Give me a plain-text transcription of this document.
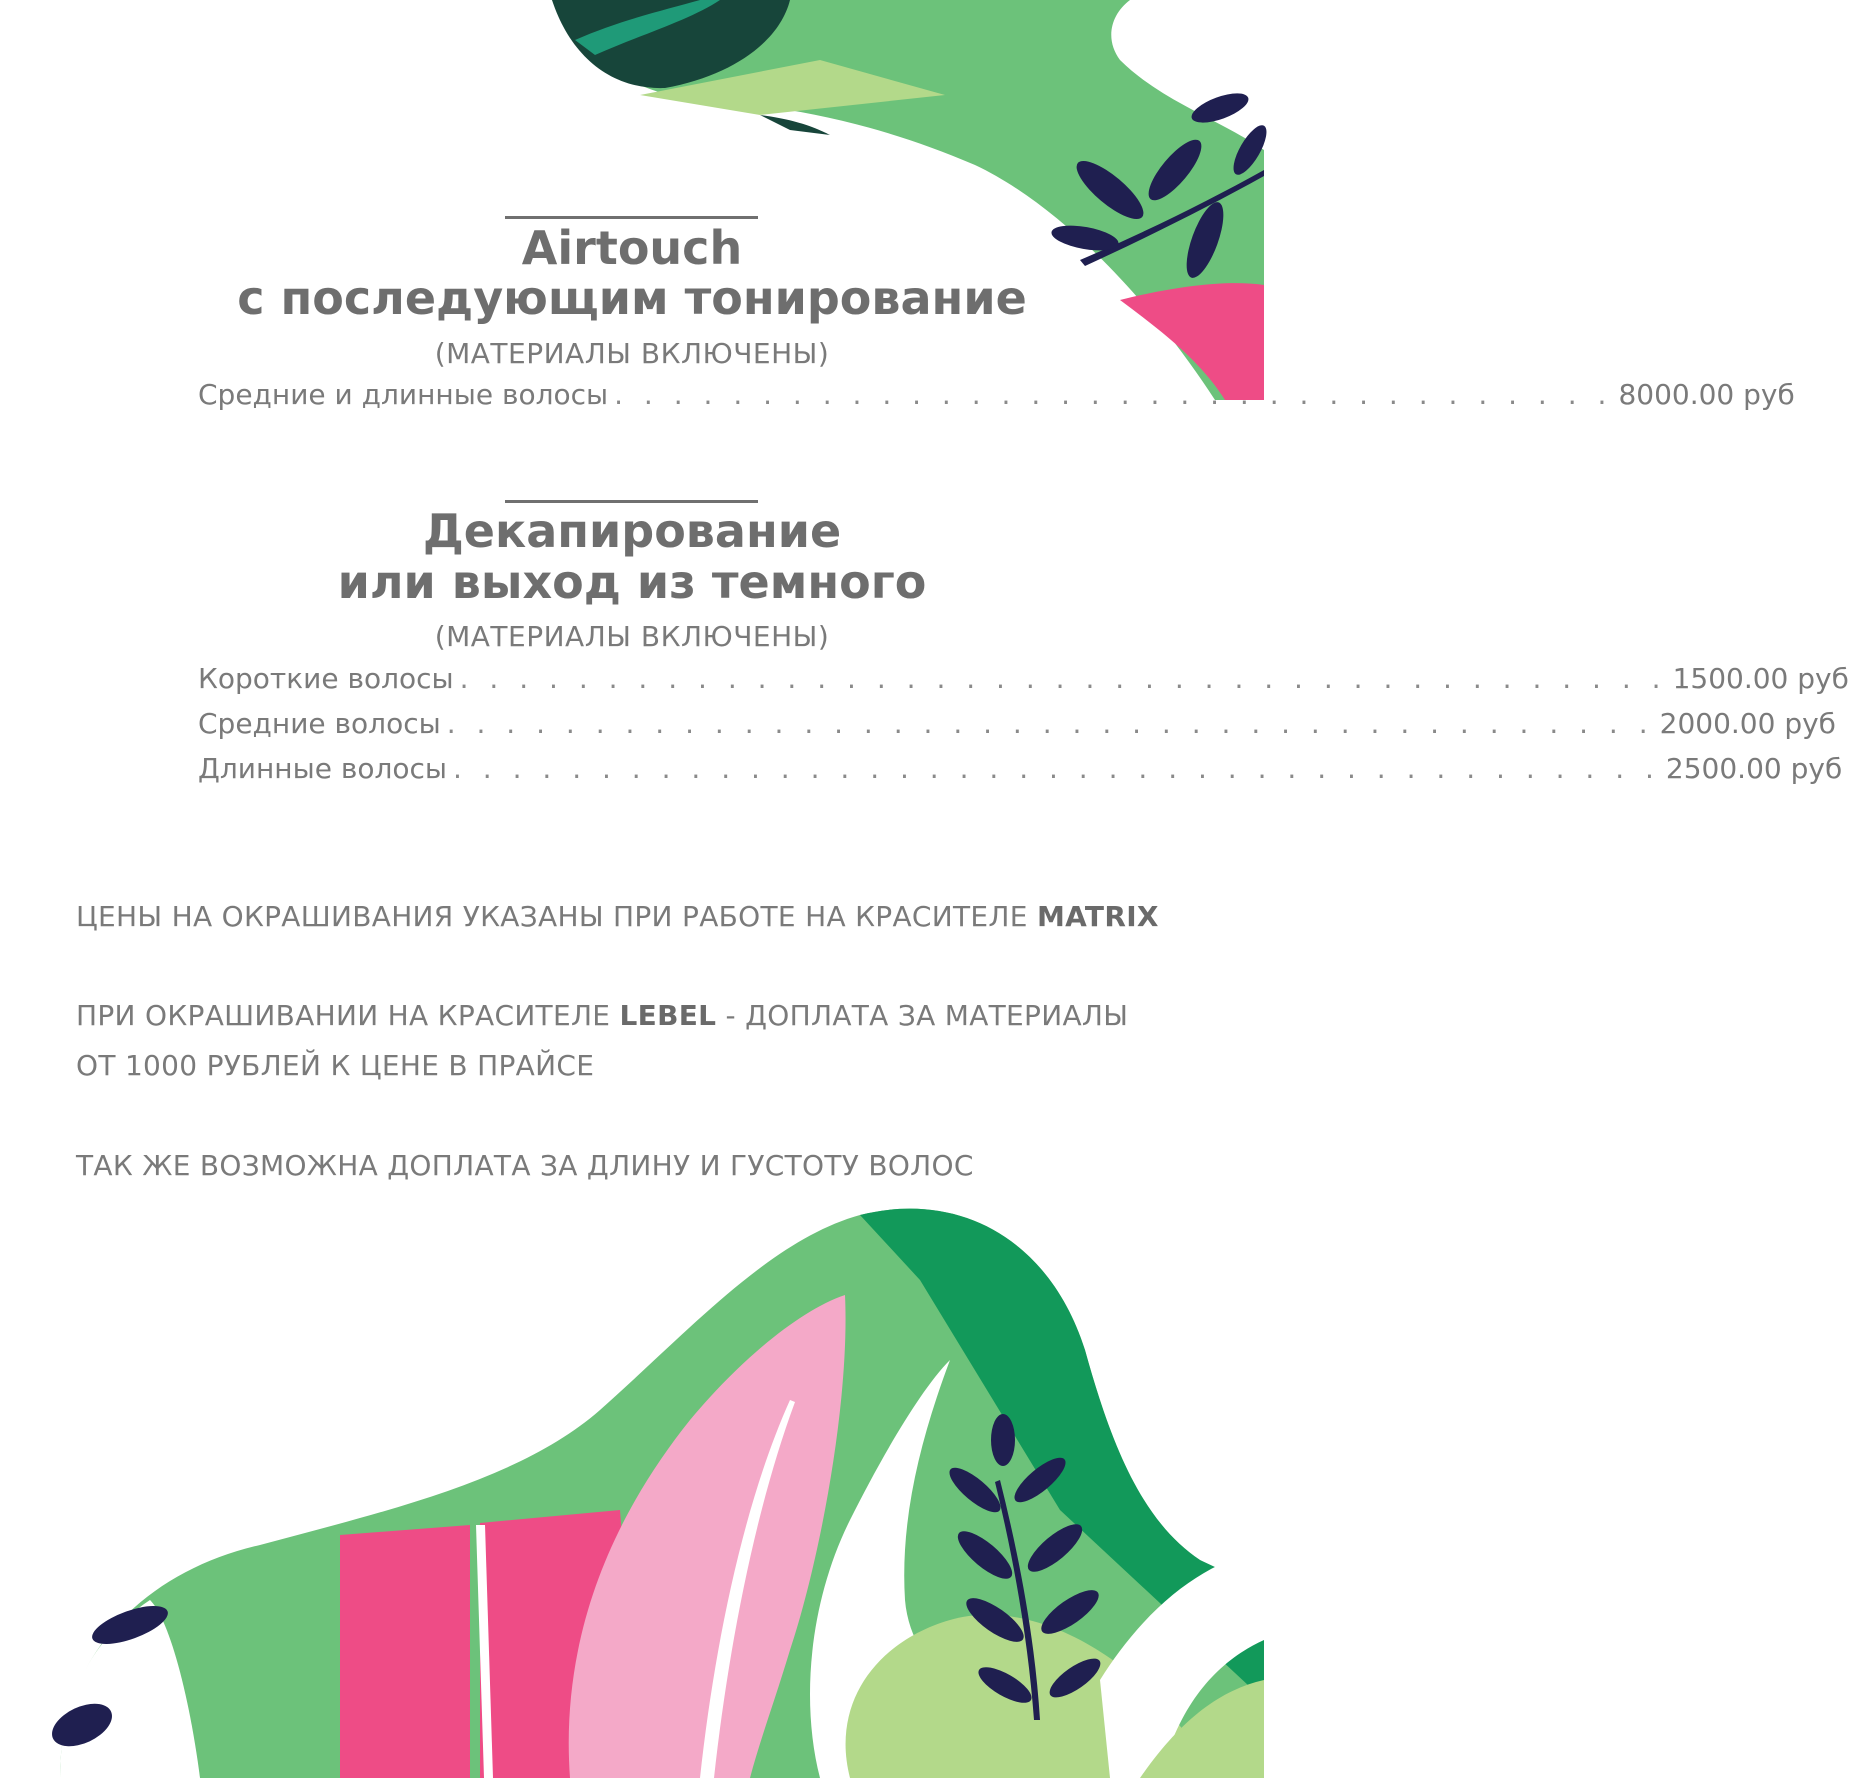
Airtouch
с последующим тонирование
(МАТЕРИАЛЫ ВКЛЮЧЕНЫ)
Средние и длинные волосы . . . . . . . . . . . . . . . . . . . . . . . . . . . . . . . . . . 8000.00 руб
Декапирование
или выход из темного
(МАТЕРИАЛЫ ВКЛЮЧЕНЫ)
Короткие волосы . . . . . . . . . . . . . . . . . . . . . . . . . . . . . . . . . . . . . . . . . 1500.00 руб
Средние волосы . . . . . . . . . . . . . . . . . . . . . . . . . . . . . . . . . . . . . . . . . 2000.00 руб
Длинные волосы . . . . . . . . . . . . . . . . . . . . . . . . . . . . . . . . . . . . . . . . . 2500.00 руб
ЦЕНЫ НА ОКРАШИВАНИЯ УКАЗАНЫ ПРИ РАБОТЕ НА КРАСИТЕЛЕ MATRIX
ПРИ ОКРАШИВАНИИ НА КРАСИТЕЛЕ LEBEL - ДОПЛАТА ЗА МАТЕРИАЛЫ
ОТ 1000 РУБЛЕЙ К ЦЕНЕ В ПРАЙСЕ
ТАК ЖЕ ВОЗМОЖНА ДОПЛАТА ЗА ДЛИНУ И ГУСТОТУ ВОЛОС
